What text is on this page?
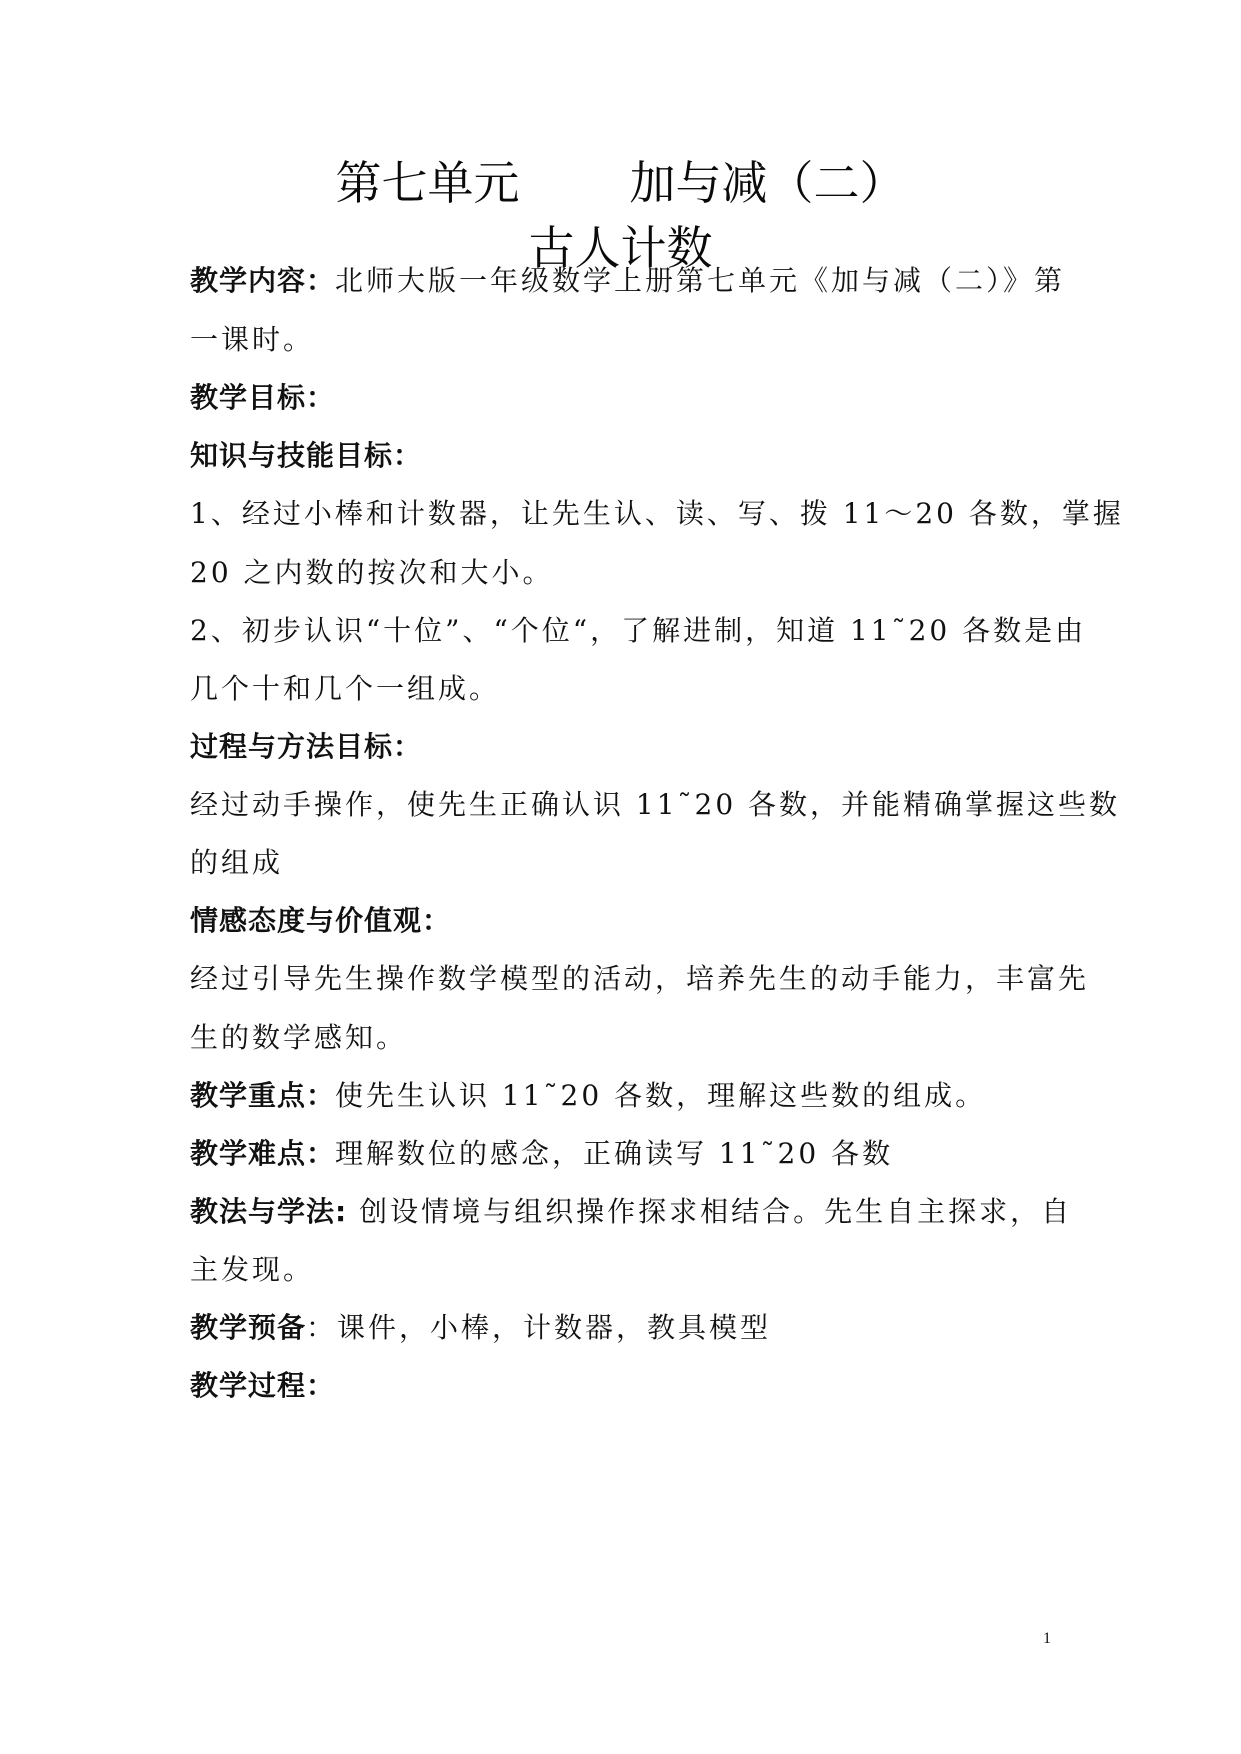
第七单元 加与减（二）
古人计数
教学内容：北师大版一年级数学上册第七单元《加与减（二）》第
一课时。
教学目标：
知识与技能目标：
1、经过小棒和计数器，让先生认、读、写、拨 11～20 各数，掌握
20 之内数的按次和大小。
2、初步认识“十位”、“个位“，了解进制，知道 11˜20 各数是由
几个十和几个一组成。
过程与方法目标：
经过动手操作，使先生正确认识 11˜20 各数，并能精确掌握这些数
的组成
情感态度与价值观：
经过引导先生操作数学模型的活动，培养先生的动手能力，丰富先
生的数学感知。
教学重点：使先生认识 11˜20 各数，理解这些数的组成。
教学难点：理解数位的感念，正确读写 11˜20 各数
教法与学法: 创设情境与组织操作探求相结合。先生自主探求，自
主发现。
教学预备：课件，小棒，计数器，教具模型
教学过程：
1
